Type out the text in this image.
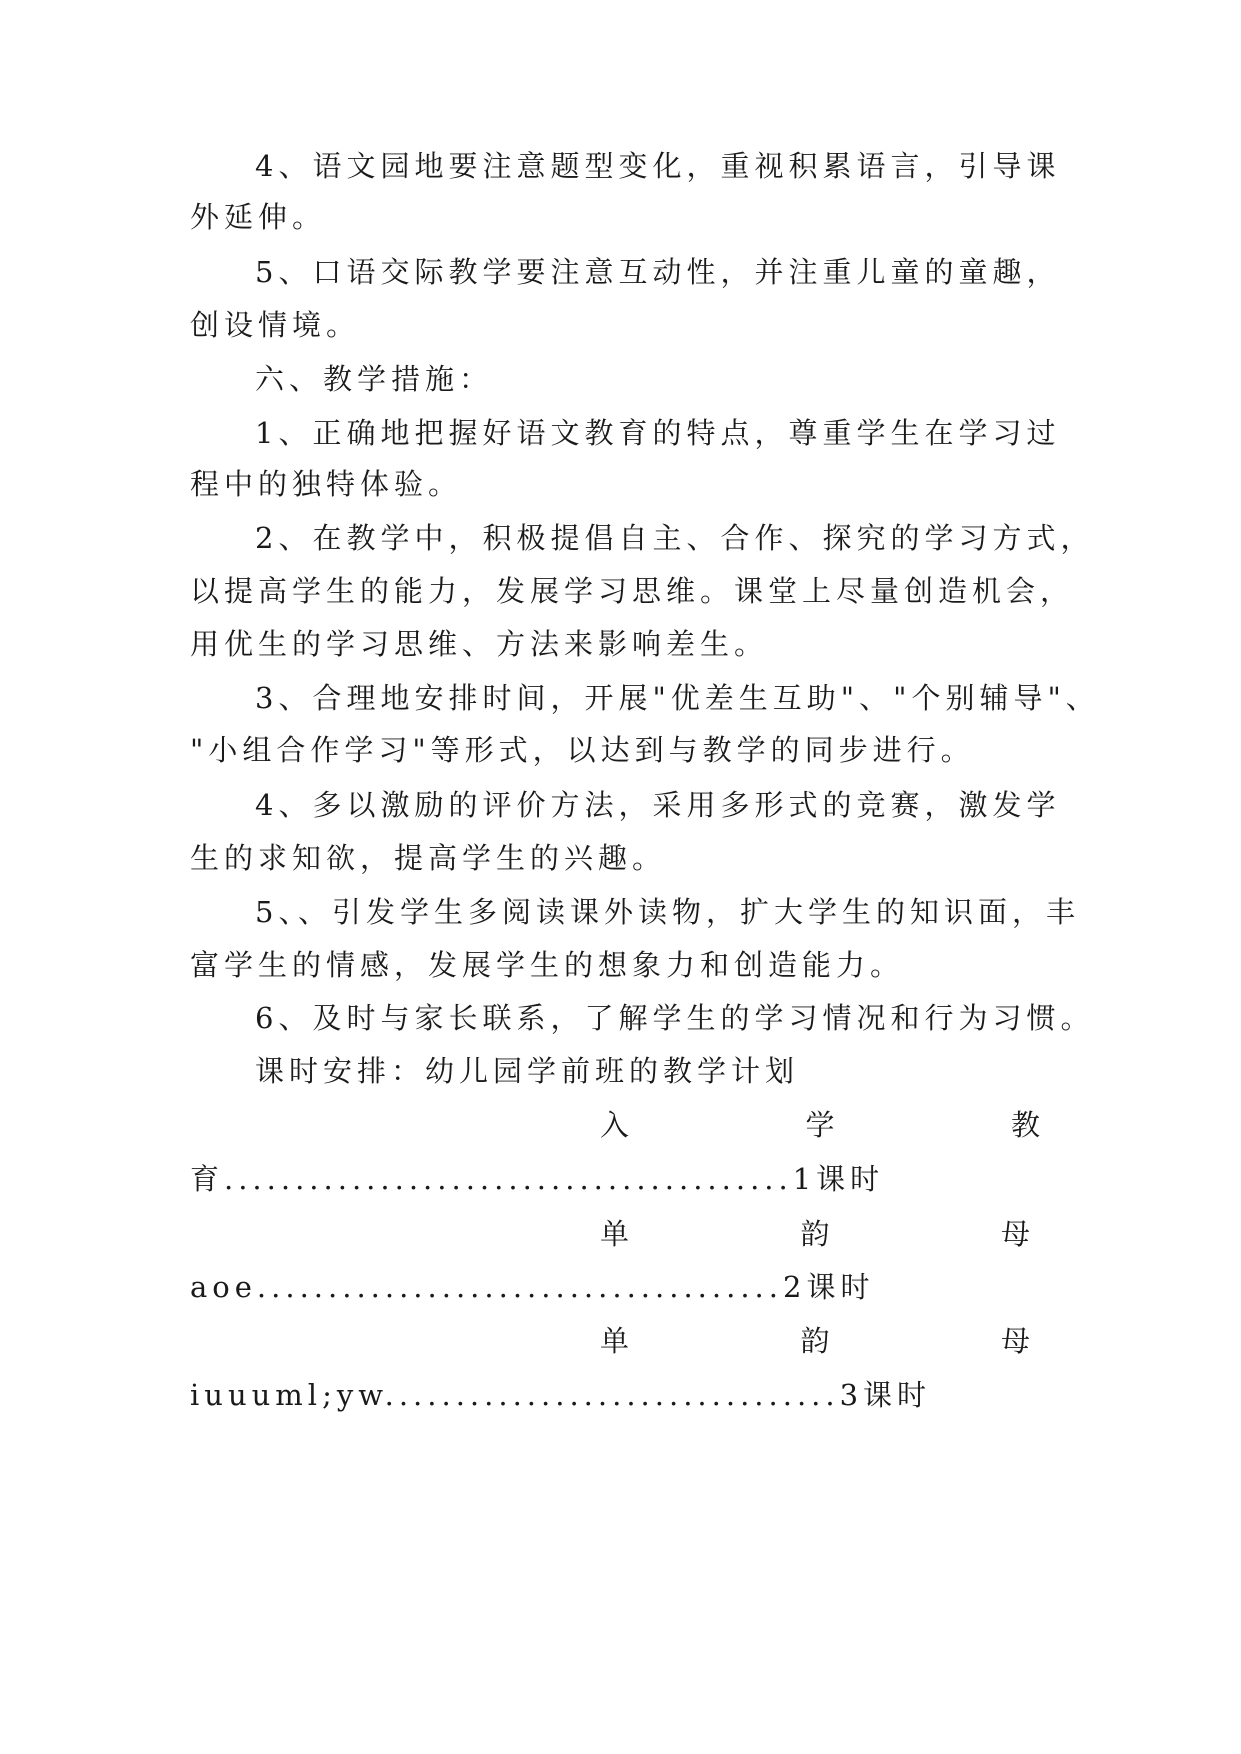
4、语文园地要注意题型变化，重视积累语言，引导课
外延伸。
5、口语交际教学要注意互动性，并注重儿童的童趣，
创设情境。
六、教学措施：
1、正确地把握好语文教育的特点，尊重学生在学习过
程中的独特体验。
2、在教学中，积极提倡自主、合作、探究的学习方式，
以提高学生的能力，发展学习思维。课堂上尽量创造机会，
用优生的学习思维、方法来影响差生。
3、合理地安排时间，开展"优差生互助"、"个别辅导"、
"小组合作学习"等形式，以达到与教学的同步进行。
4、多以激励的评价方法，采用多形式的竞赛，激发学
生的求知欲，提高学生的兴趣。
5、、引发学生多阅读课外读物，扩大学生的知识面，丰
富学生的情感，发展学生的想象力和创造能力。
6、及时与家长联系，了解学生的学习情况和行为习惯。
课时安排：幼儿园学前班的教学计划
入	学	教
育........................................1课时
单	韵	母
aoe.....................................2课时
单	韵	母
iuuuml;yw................................3课时
